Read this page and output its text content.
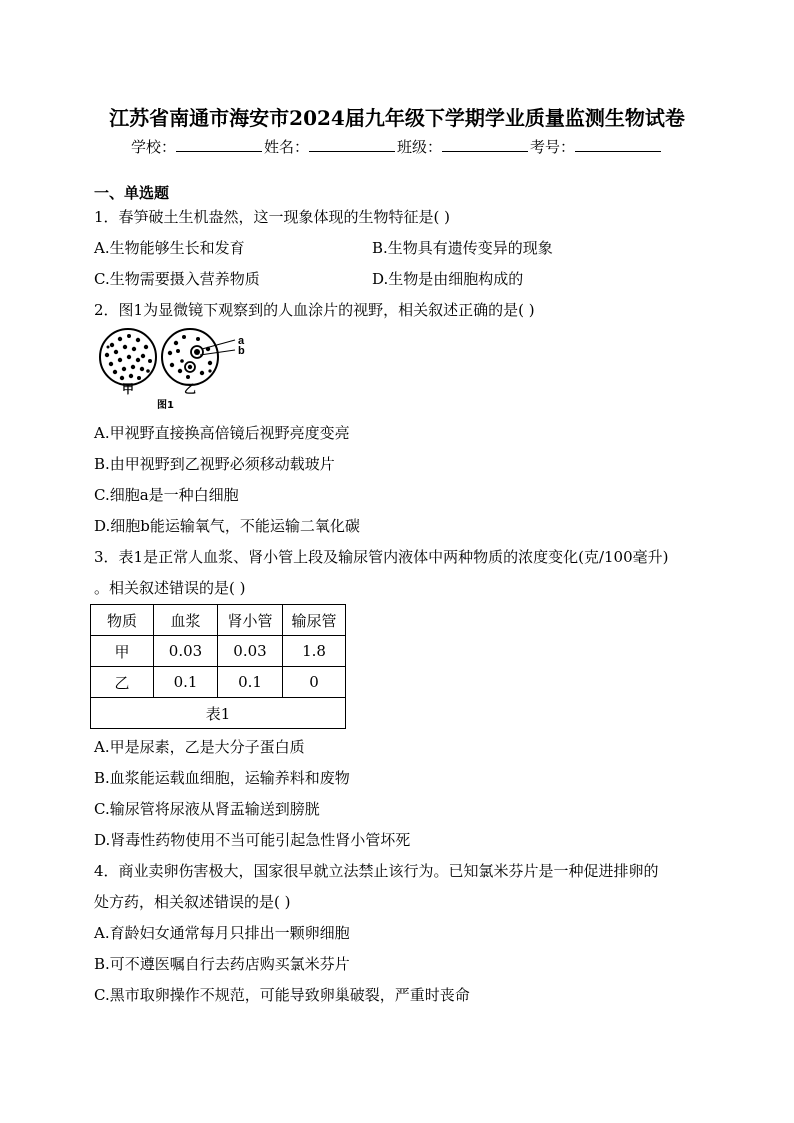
江苏省南通市海安市2024届九年级下学期学业质量监测生物试卷
学校：	姓名：	班级：	考号：
一、单选题
1．春笋破土生机盎然，这一现象体现的生物特征是( )
A.生物能够生长和发育	B.生物具有遗传变异的现象
C.生物需要摄入营养物质	D.生物是由细胞构成的
2．图1为显微镜下观察到的人血涂片的视野，相关叙述正确的是( )
a
b
甲	乙
图1
A.甲视野直接换高倍镜后视野亮度变亮
B.由甲视野到乙视野必须移动载玻片
C.细胞a是一种白细胞
D.细胞b能运输氧气，不能运输二氧化碳
3．表1是正常人血浆、肾小管上段及输尿管内液体中两种物质的浓度变化(克/100毫升)
。相关叙述错误的是( )
物质	血浆	肾小管	输尿管
甲	0.03	0.03	1.8
乙	0.1	0.1	0
表1			
A.甲是尿素，乙是大分子蛋白质
B.血浆能运载血细胞，运输养料和废物
C.输尿管将尿液从肾盂输送到膀胱
D.肾毒性药物使用不当可能引起急性肾小管坏死
4．商业卖卵伤害极大，国家很早就立法禁止该行为。已知氯米芬片是一种促进排卵的
处方药，相关叙述错误的是( )
A.育龄妇女通常每月只排出一颗卵细胞
B.可不遵医嘱自行去药店购买氯米芬片
C.黑市取卵操作不规范，可能导致卵巢破裂，严重时丧命
